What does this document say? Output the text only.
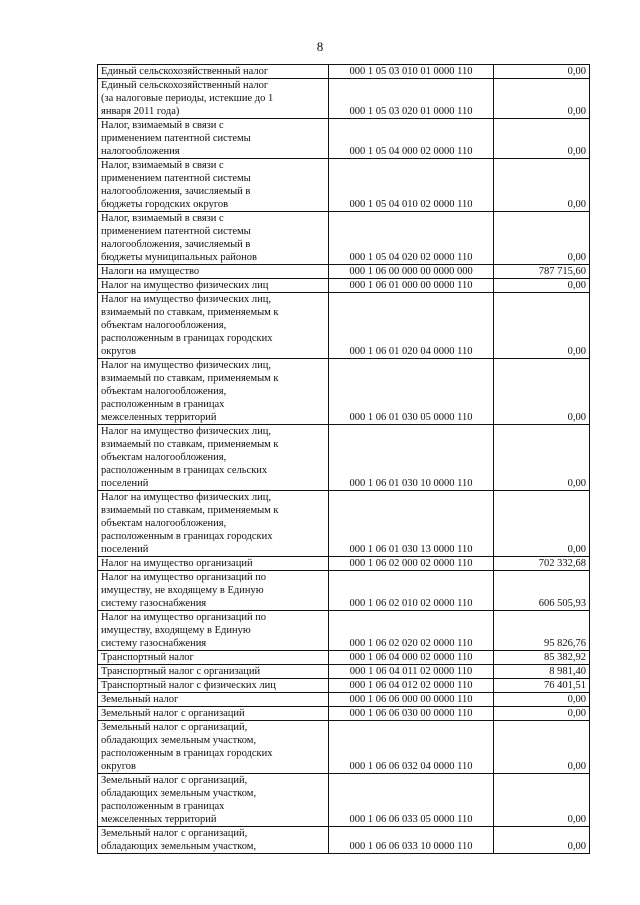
8
Единый сельскохозяйственный налог	000 1 05 03 010 01 0000 110	0,00
Единый сельскохозяйственный налог
(за налоговые периоды, истекшие до 1
января 2011 года)	000 1 05 03 020 01 0000 110	0,00
Налог, взимаемый в связи с
применением патентной системы
налогообложения	000 1 05 04 000 02 0000 110	0,00
Налог, взимаемый в связи с
применением патентной системы
налогообложения, зачисляемый в
бюджеты городских округов	000 1 05 04 010 02 0000 110	0,00
Налог, взимаемый в связи с
применением патентной системы
налогообложения, зачисляемый в
бюджеты муниципальных районов	000 1 05 04 020 02 0000 110	0,00
Налоги на имущество	000 1 06 00 000 00 0000 000	787 715,60
Налог на имущество физических лиц	000 1 06 01 000 00 0000 110	0,00
Налог на имущество физических лиц,
взимаемый по ставкам, применяемым к
объектам налогообложения,
расположенным в границах городских
округов	000 1 06 01 020 04 0000 110	0,00
Налог на имущество физических лиц,
взимаемый по ставкам, применяемым к
объектам налогообложения,
расположенным в границах
межселенных территорий	000 1 06 01 030 05 0000 110	0,00
Налог на имущество физических лиц,
взимаемый по ставкам, применяемым к
объектам налогообложения,
расположенным в границах сельских
поселений	000 1 06 01 030 10 0000 110	0,00
Налог на имущество физических лиц,
взимаемый по ставкам, применяемым к
объектам налогообложения,
расположенным в границах городских
поселений	000 1 06 01 030 13 0000 110	0,00
Налог на имущество организаций	000 1 06 02 000 02 0000 110	702 332,68
Налог на имущество организаций по
имуществу, не входящему в Единую
систему газоснабжения	000 1 06 02 010 02 0000 110	606 505,93
Налог на имущество организаций по
имуществу, входящему в Единую
систему газоснабжения	000 1 06 02 020 02 0000 110	95 826,76
Транспортный налог	000 1 06 04 000 02 0000 110	85 382,92
Транспортный налог с организаций	000 1 06 04 011 02 0000 110	8 981,40
Транспортный налог с физических лиц	000 1 06 04 012 02 0000 110	76 401,51
Земельный налог	000 1 06 06 000 00 0000 110	0,00
Земельный налог с организаций	000 1 06 06 030 00 0000 110	0,00
Земельный налог с организаций,
обладающих земельным участком,
расположенным в границах городских
округов	000 1 06 06 032 04 0000 110	0,00
Земельный налог с организаций,
обладающих земельным участком,
расположенным в границах
межселенных территорий	000 1 06 06 033 05 0000 110	0,00
Земельный налог с организаций,
обладающих земельным участком,	000 1 06 06 033 10 0000 110	0,00
